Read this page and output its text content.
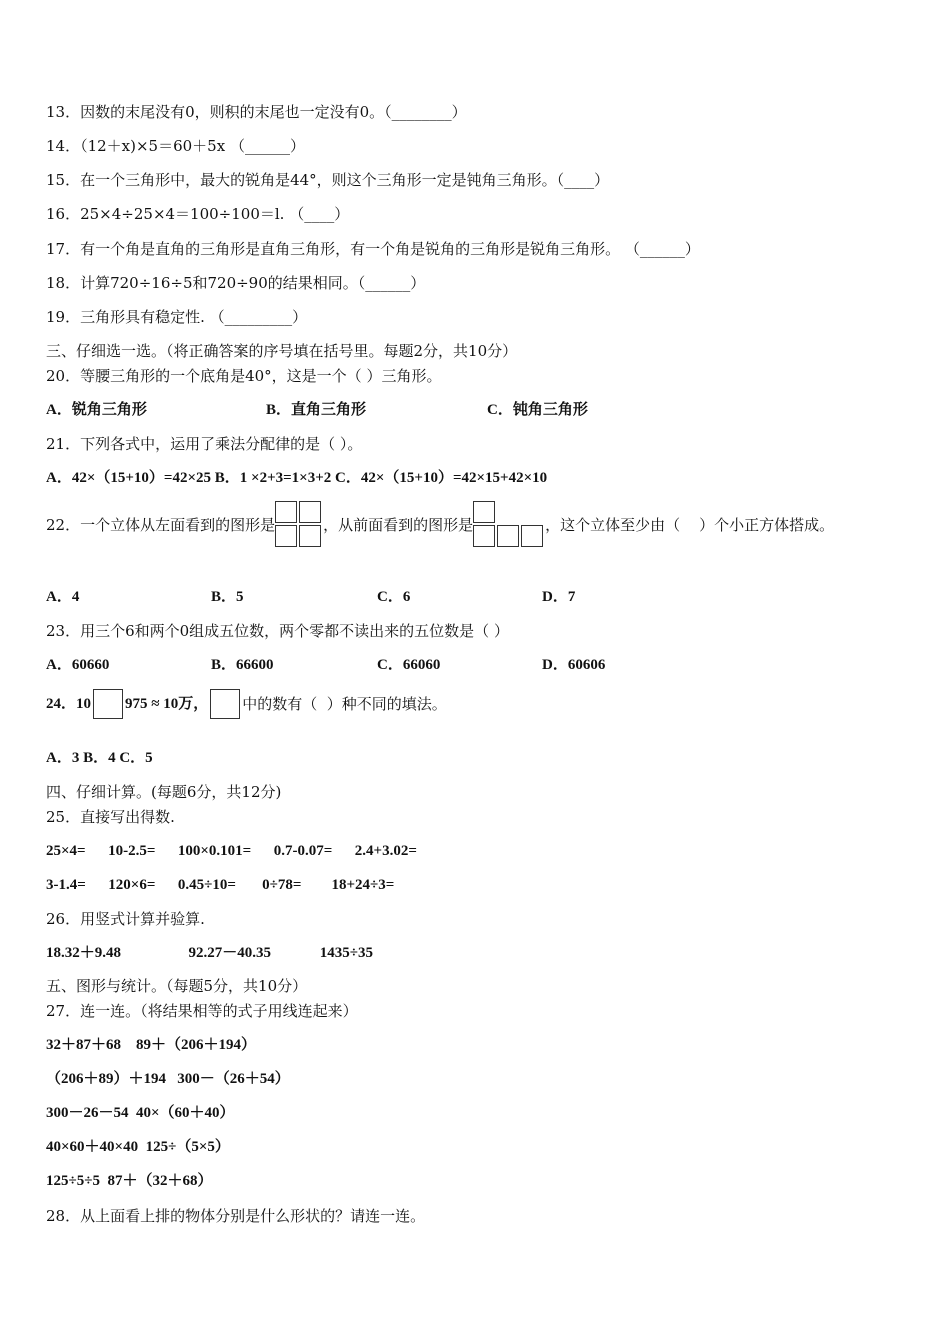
13．因数的末尾没有0，则积的末尾也一定没有0。（________）
14．（12＋x)×5＝60＋5x （______）
15．在一个三角形中，最大的锐角是44°，则这个三角形一定是钝角三角形。（____）
16．25×4÷25×4＝100÷100＝l. （____）
17．有一个角是直角的三角形是直角三角形，有一个角是锐角的三角形是锐角三角形。 （______）
18．计算720÷16÷5和720÷90的结果相同。（______）
19．三角形具有稳定性. （_________）
三、仔细选一选。（将正确答案的序号填在括号里。每题2分，共10分）
20．等腰三角形的一个底角是40°，这是一个（ ）三角形。
A．锐角三角形	B．直角三角形	C．钝角三角形
21．下列各式中，运用了乘法分配律的是（ ）。
A．42×（15+10）=42×25 B．1 ×2+3=1×3+2 C．42×（15+10）=42×15+42×10
22．一个立体从左面看到的图形是

	，从前面看到的图形是

	，这个立体至少由（    ）个小正方体搭成。
A．4	B．5	C．6	D．7
23．用三个6和两个0组成五位数，两个零都不读出来的五位数是（ ）
A．60660	B．66600	C．66060	D．60606
24．10 975 ≈ 10万， 中的数有（  ）种不同的填法。
A．3 B．4 C．5
四、仔细计算。(每题6分，共12分)
25．直接写出得数.
25×4=      10-2.5=      100×0.101=      0.7-0.07=      2.4+3.02=
3-1.4=      120×6=      0.45÷10=       0÷78=        18+24÷3=
26．用竖式计算并验算.
18.32＋9.48                  92.27－40.35             1435÷35
五、图形与统计。（每题5分，共10分）
27．连一连。（将结果相等的式子用线连起来）
32＋87＋68    89＋（206＋194）
（206＋89）＋194   300－（26＋54）
300－26－54  40×（60＋40）
40×60＋40×40  125÷（5×5）
125÷5÷5  87＋（32＋68）
28．从上面看上排的物体分别是什么形状的？请连一连。
